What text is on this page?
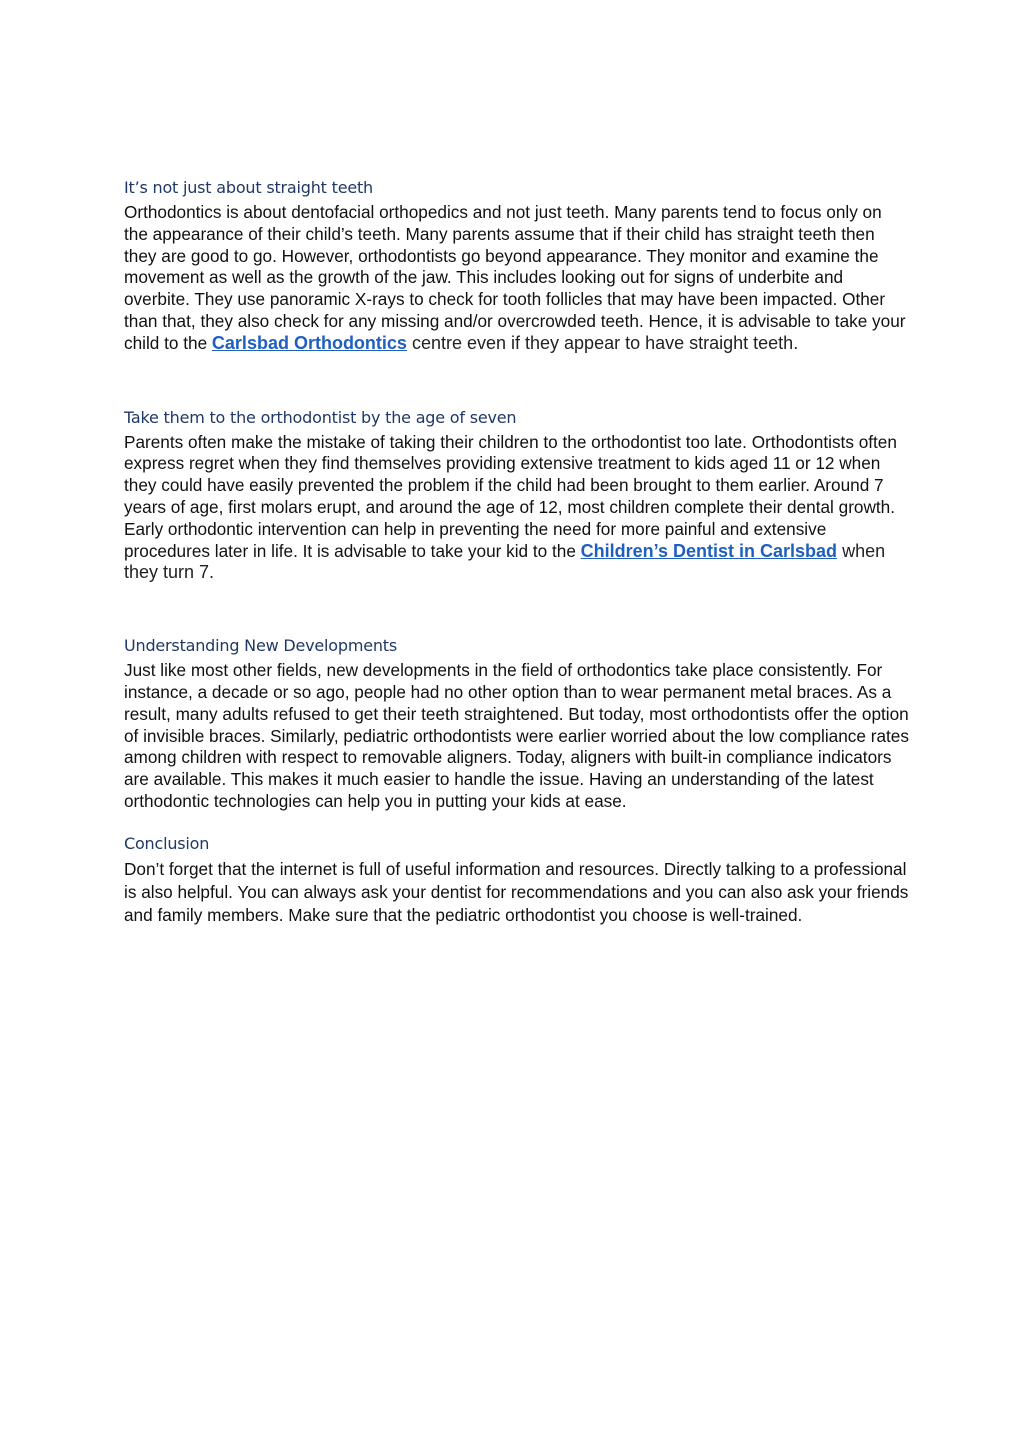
It’s not just about straight teeth

Orthodontics is about dentofacial orthopedics and not just teeth. Many parents tend to focus only on the appearance of their child’s teeth. Many parents assume that if their child has straight teeth then they are good to go. However, orthodontists go beyond appearance. They monitor and examine the movement as well as the growth of the jaw. This includes looking out for signs of underbite and overbite. They use panoramic X-rays to check for tooth follicles that may have been impacted. Other than that, they also check for any missing and/or overcrowded teeth. Hence, it is advisable to take your child to the Carlsbad Orthodontics centre even if they appear to have straight teeth.

Take them to the orthodontist by the age of seven

Parents often make the mistake of taking their children to the orthodontist too late. Orthodontists often express regret when they find themselves providing extensive treatment to kids aged 11 or 12 when they could have easily prevented the problem if the child had been brought to them earlier. Around 7 years of age, first molars erupt, and around the age of 12, most children complete their dental growth. Early orthodontic intervention can help in preventing the need for more painful and extensive procedures later in life. It is advisable to take your kid to the Children’s Dentist in Carlsbad when they turn 7.

Understanding New Developments

Just like most other fields, new developments in the field of orthodontics take place consistently. For instance, a decade or so ago, people had no other option than to wear permanent metal braces. As a result, many adults refused to get their teeth straightened. But today, most orthodontists offer the option of invisible braces. Similarly, pediatric orthodontists were earlier worried about the low compliance rates among children with respect to removable aligners. Today, aligners with built-in compliance indicators are available. This makes it much easier to handle the issue. Having an understanding of the latest orthodontic technologies can help you in putting your kids at ease.

Conclusion

Don’t forget that the internet is full of useful information and resources. Directly talking to a professional is also helpful. You can always ask your dentist for recommendations and you can also ask your friends and family members. Make sure that the pediatric orthodontist you choose is well-trained.
